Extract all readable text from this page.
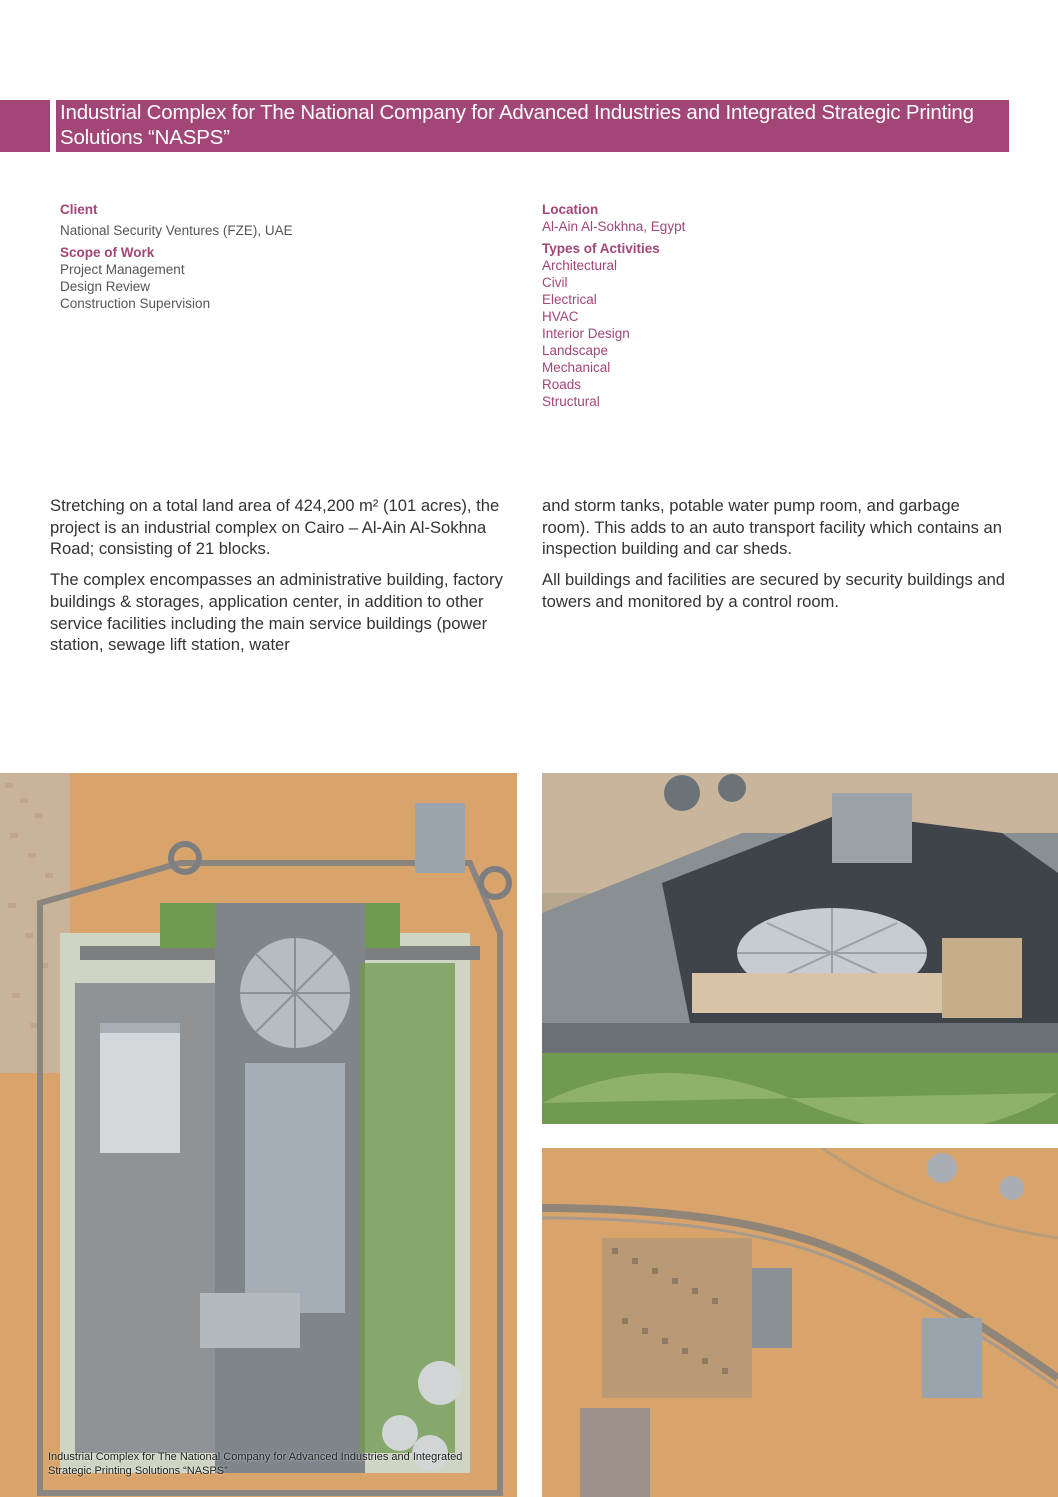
Industrial Complex for The National Company for Advanced Industries and Integrated Strategic Printing Solutions “NASPS”
Client
National Security Ventures (FZE), UAE
Scope of Work
Project Management
Design Review
Construction Supervision
Location
Al-Ain Al-Sokhna, Egypt
Types of Activities
Architectural
Civil
Electrical
HVAC
Interior Design
Landscape
Mechanical
Roads
Structural

Stretching on a total land area of 424,200 m² (101 acres), the project is an industrial complex on Cairo – Al-Ain Al-Sokhna Road; consisting of 21 blocks.

The complex encompasses an administrative building, factory buildings & storages, application center, in addition to other service facilities including the main service buildings (power station, sewage lift station, water

and storm tanks, potable water pump room, and garbage room). This adds to an auto transport facility which contains an inspection building and car sheds.

All buildings and facilities are secured by security buildings and towers and monitored by a control room.

Industrial Complex for The National Company for Advanced Industries and Integrated Strategic Printing Solutions “NASPS”
